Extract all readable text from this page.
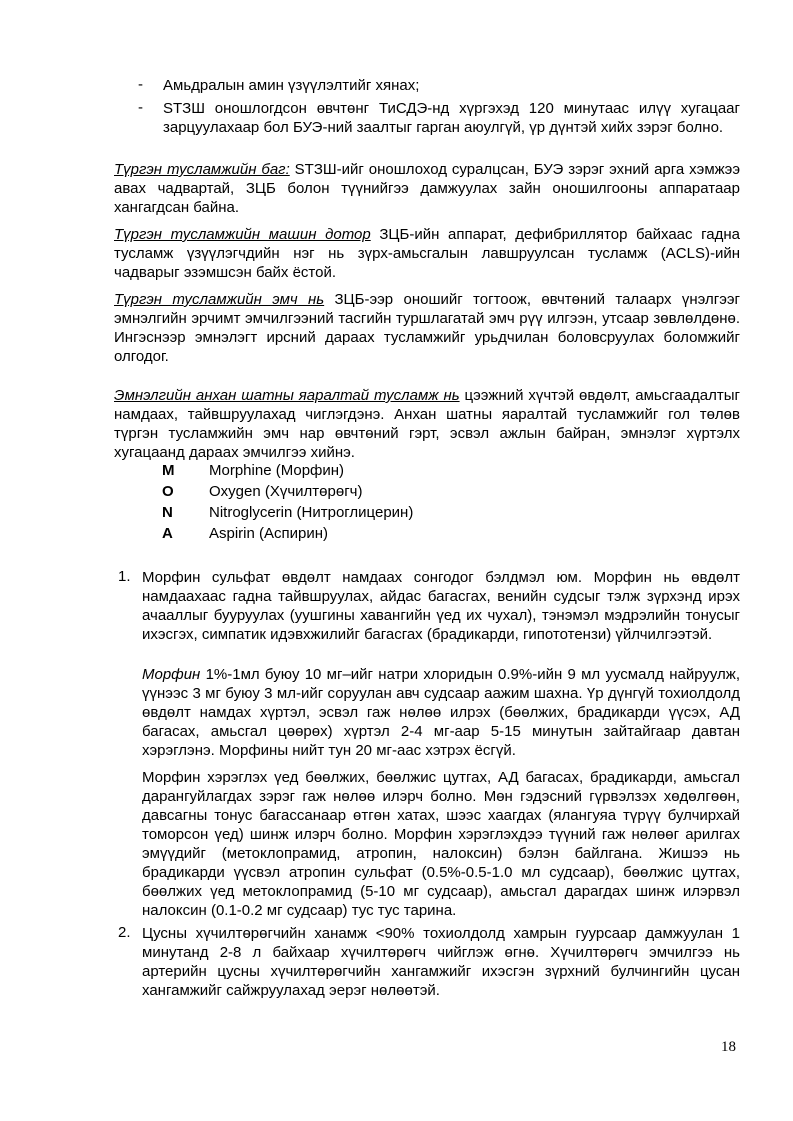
- Амьдралын амин үзүүлэлтийг хянах;

- STЗШ оношлогдсон өвчтөнг ТиСДЭ-нд хүргэхэд 120 минутаас илүү хугацааг зарцуулахаар бол БУЭ-ний заалтыг гарган аюулгүй, үр дүнтэй хийх зэрэг болно.

Түргэн тусламжийн баг: STЗШ-ийг оношлоход суралцсан, БУЭ зэрэг эхний арга хэмжээ авах чадвартай, ЗЦБ болон түүнийгээ дамжуулах зайн оношилгооны аппаратаар хангагдсан байна.

Түргэн тусламжийн машин дотор ЗЦБ-ийн аппарат, дефибриллятор байхаас гадна тусламж үзүүлэгчдийн нэг нь зүрх-амьсгалын лавшруулсан тусламж (ACLS)-ийн чадварыг эзэмшсэн байх ёстой.

Түргэн тусламжийн эмч нь ЗЦБ-ээр оношийг тогтоож, өвчтөний талаарх үнэлгээг эмнэлгийн эрчимт эмчилгээний тасгийн туршлагатай эмч рүү илгээн, утсаар зөвлөлдөнө. Ингэснээр эмнэлэгт ирсний дараах тусламжийг урьдчилан боловсруулах боломжийг олгодог.

Эмнэлгийн анхан шатны яаралтай тусламж нь цээжний хүчтэй өвдөлт, амьсгаадалтыг намдаах, тайвшруулахад чиглэгдэнэ. Анхан шатны яаралтай тусламжийг гол төлөв түргэн тусламжийн эмч нар өвчтөний гэрт, эсвэл ажлын байран, эмнэлэг хүртэлх хугацаанд дараах эмчилгээ хийнэ.

M Morphine (Морфин)
O Oxygen (Хүчилтөрөгч)
N Nitroglycerin (Нитроглицерин)
A Aspirin (Аспирин)
1. Морфин сульфат өвдөлт намдаах сонгодог бэлдмэл юм. Морфин нь өвдөлт намдаахаас гадна тайвшруулах, айдас багасгах, венийн судсыг тэлж зүрхэнд ирэх ачааллыг бууруулах (уушгины хавангийн үед их чухал), тэнэмэл мэдрэлийн тонусыг ихэсгэх, симпатик идэвхжилийг багасгах (брадикарди, гипототензи) үйлчилгээтэй.

Морфин 1%-1мл буюу 10 мг–ийг натри хлоридын 0.9%-ийн 9 мл уусмалд найруулж, үүнээс 3 мг буюу 3 мл-ийг соруулан авч судсаар аажим шахна. Үр дүнгүй тохиолдолд өвдөлт намдах хүртэл, эсвэл гаж нөлөө илрэх (бөөлжих, брадикарди үүсэх, АД багасах, амьсгал цөөрөх) хүртэл 2-4 мг-аар 5-15 минутын зайтайгаар давтан хэрэглэнэ. Морфины нийт тун 20 мг-аас хэтрэх ёсгүй.

Морфин хэрэглэх үед бөөлжих, бөөлжис цутгах, АД багасах, брадикарди, амьсгал дарангуйлагдах зэрэг гаж нөлөө илэрч болно. Мөн гэдэсний гүрвэлзэх хөдөлгөөн, давсагны тонус багассанаар өтгөн хатах, шээс хаагдах (ялангуяа түрүү булчирхай томорсон үед) шинж илэрч болно. Морфин хэрэглэхдээ түүний гаж нөлөөг арилгах эмүүдийг (метоклопрамид, атропин, налоксин) бэлэн байлгана. Жишээ нь брадикарди үүсвэл атропин сульфат (0.5%-0.5-1.0 мл судсаар), бөөлжис цутгах, бөөлжих үед метоклопрамид (5-10 мг судсаар), амьсгал дарагдах шинж илэрвэл налоксин (0.1-0.2 мг судсаар) тус тус тарина.

2. Цусны хүчилтөрөгчийн ханамж <90% тохиолдолд хамрын гуурсаар дамжуулан 1 минутанд 2-8 л байхаар хүчилтөрөгч чийглэж өгнө. Хүчилтөрөгч эмчилгээ нь артерийн цусны хүчилтөрөгчийн хангамжийг ихэсгэн зүрхний булчингийн цусан хангамжийг сайжруулахад эерэг нөлөөтэй.

18
